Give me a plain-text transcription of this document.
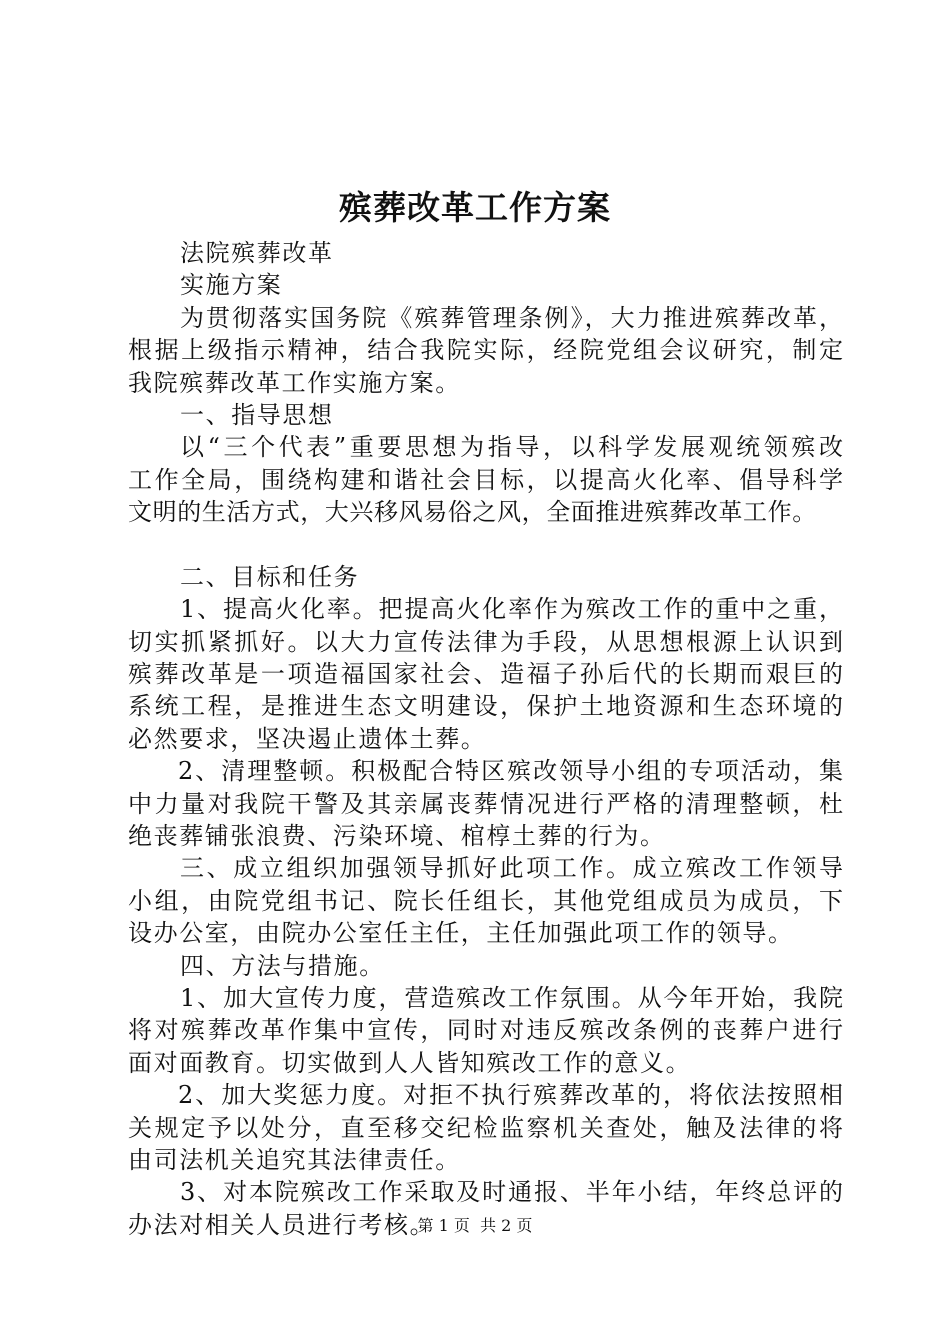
殡葬改革工作方案

法院殡葬改革

实施方案

为贯彻落实国务院《殡葬管理条例》，大力推进殡葬改革，

根据上级指示精神，结合我院实际，经院党组会议研究，制定

我院殡葬改革工作实施方案。

一、指导思想

以“三个代表”重要思想为指导，以科学发展观统领殡改

工作全局，围绕构建和谐社会目标，以提高火化率、倡导科学

文明的生活方式，大兴移风易俗之风，全面推进殡葬改革工作。

二、目标和任务

1、提高火化率。把提高火化率作为殡改工作的重中之重，

切实抓紧抓好。以大力宣传法律为手段，从思想根源上认识到

殡葬改革是一项造福国家社会、造福子孙后代的长期而艰巨的

系统工程，是推进生态文明建设，保护土地资源和生态环境的

必然要求，坚决遏止遗体土葬。

2、清理整顿。积极配合特区殡改领导小组的专项活动，集

中力量对我院干警及其亲属丧葬情况进行严格的清理整顿，杜

绝丧葬铺张浪费、污染环境、棺椁土葬的行为。

三、成立组织加强领导抓好此项工作。成立殡改工作领导

小组，由院党组书记、院长任组长，其他党组成员为成员，下

设办公室，由院办公室任主任，主任加强此项工作的领导。

四、方法与措施。

1、加大宣传力度，营造殡改工作氛围。从今年开始，我院

将对殡葬改革作集中宣传，同时对违反殡改条例的丧葬户进行

面对面教育。切实做到人人皆知殡改工作的意义。

2、加大奖惩力度。对拒不执行殡葬改革的，将依法按照相

关规定予以处分，直至移交纪检监察机关查处，触及法律的将

由司法机关追究其法律责任。

3、对本院殡改工作采取及时通报、半年小结，年终总评的

办法对相关人员进行考核。

第 1 页  共 2 页
